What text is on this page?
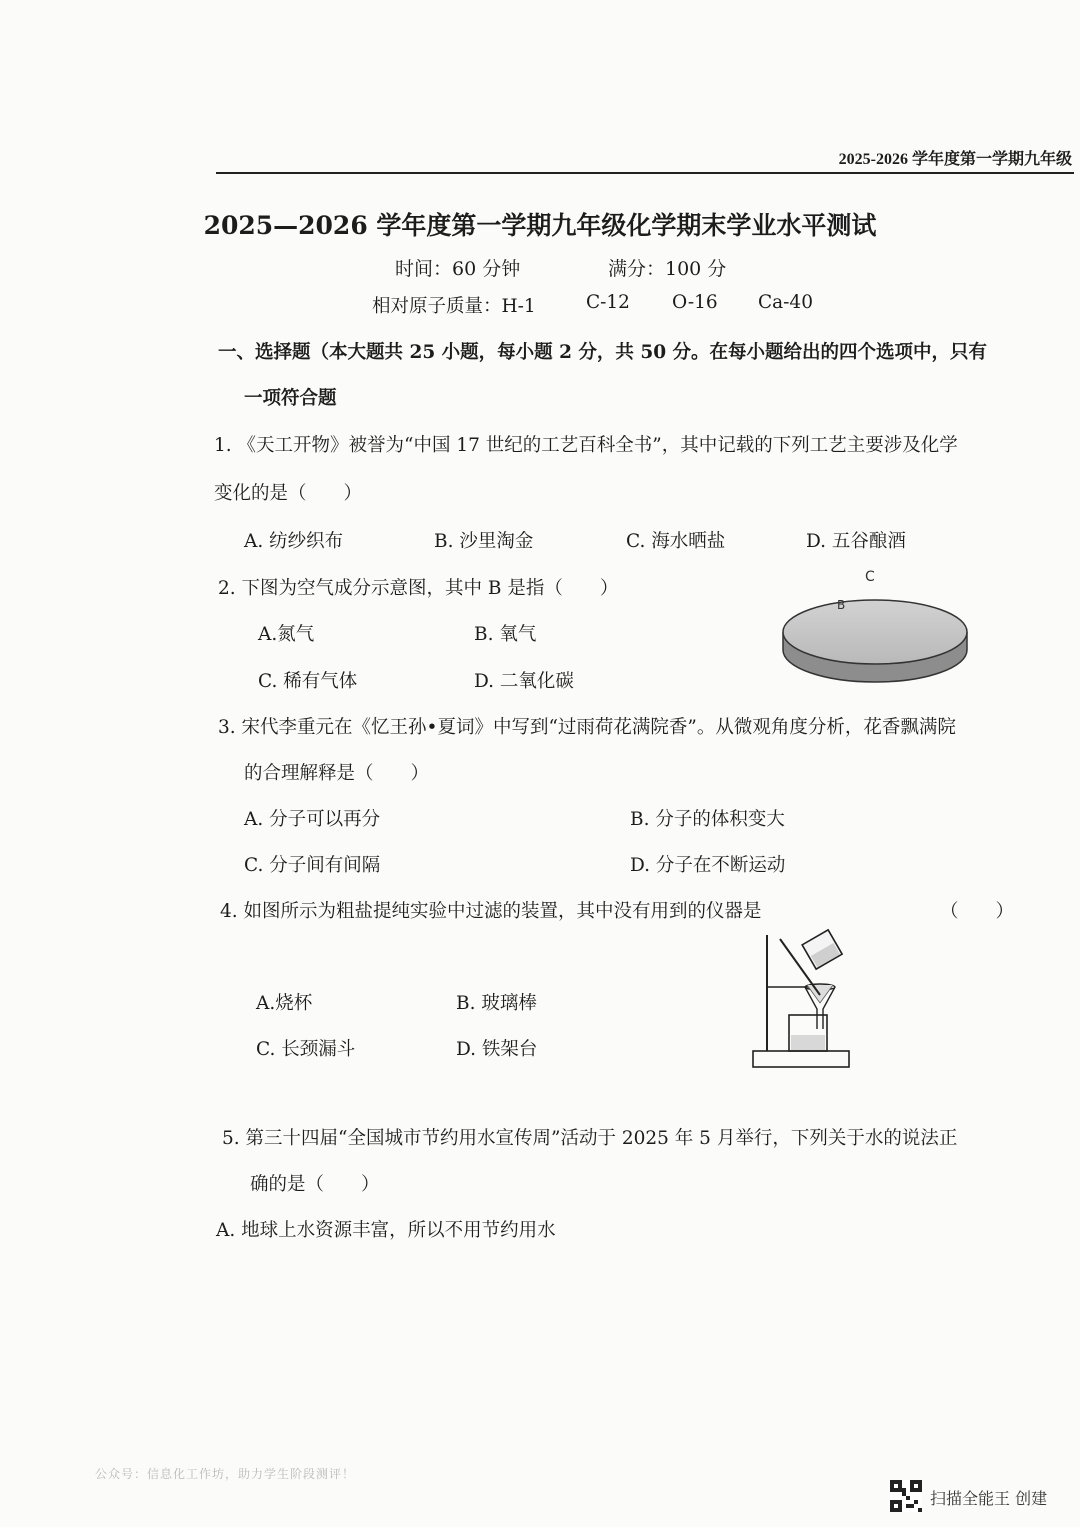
2025-2026 学年度第一学期九年级
2025—2026 学年度第一学期九年级化学期末学业水平测试
时间：60 分钟	满分：100 分
相对原子质量：H-1	C-12 O-16 Ca-40
一、选择题（本大题共 25 小题，每小题 2 分，共 50 分。在每小题给出的四个选项中，只有
一项符合题
1. 《天工开物》被誉为“中国 17 世纪的工艺百科全书”，其中记载的下列工艺主要涉及化学
变化的是（　　）
A. 纺纱织布	B. 沙里淘金	C. 海水晒盐	D. 五谷酿酒
2. 下图为空气成分示意图，其中 B 是指（　　）
A.氮气	B. 氧气
C. 稀有气体	D. 二氧化碳
B
C
3. 宋代李重元在《忆王孙•夏词》中写到“过雨荷花满院香”。从微观角度分析，花香飘满院
的合理解释是（　　）
A. 分子可以再分	B. 分子的体积变大
C. 分子间有间隔	D. 分子在不断运动
4. 如图所示为粗盐提纯实验中过滤的装置，其中没有用到的仪器是	（　　）
A.烧杯	B. 玻璃棒
C. 长颈漏斗	D. 铁架台
5. 第三十四届“全国城市节约用水宣传周”活动于 2025 年 5 月举行，下列关于水的说法正
确的是（　　）
A. 地球上水资源丰富，所以不用节约用水
公众号：信息化工作坊，助力学生阶段测评！
扫描全能王 创建
